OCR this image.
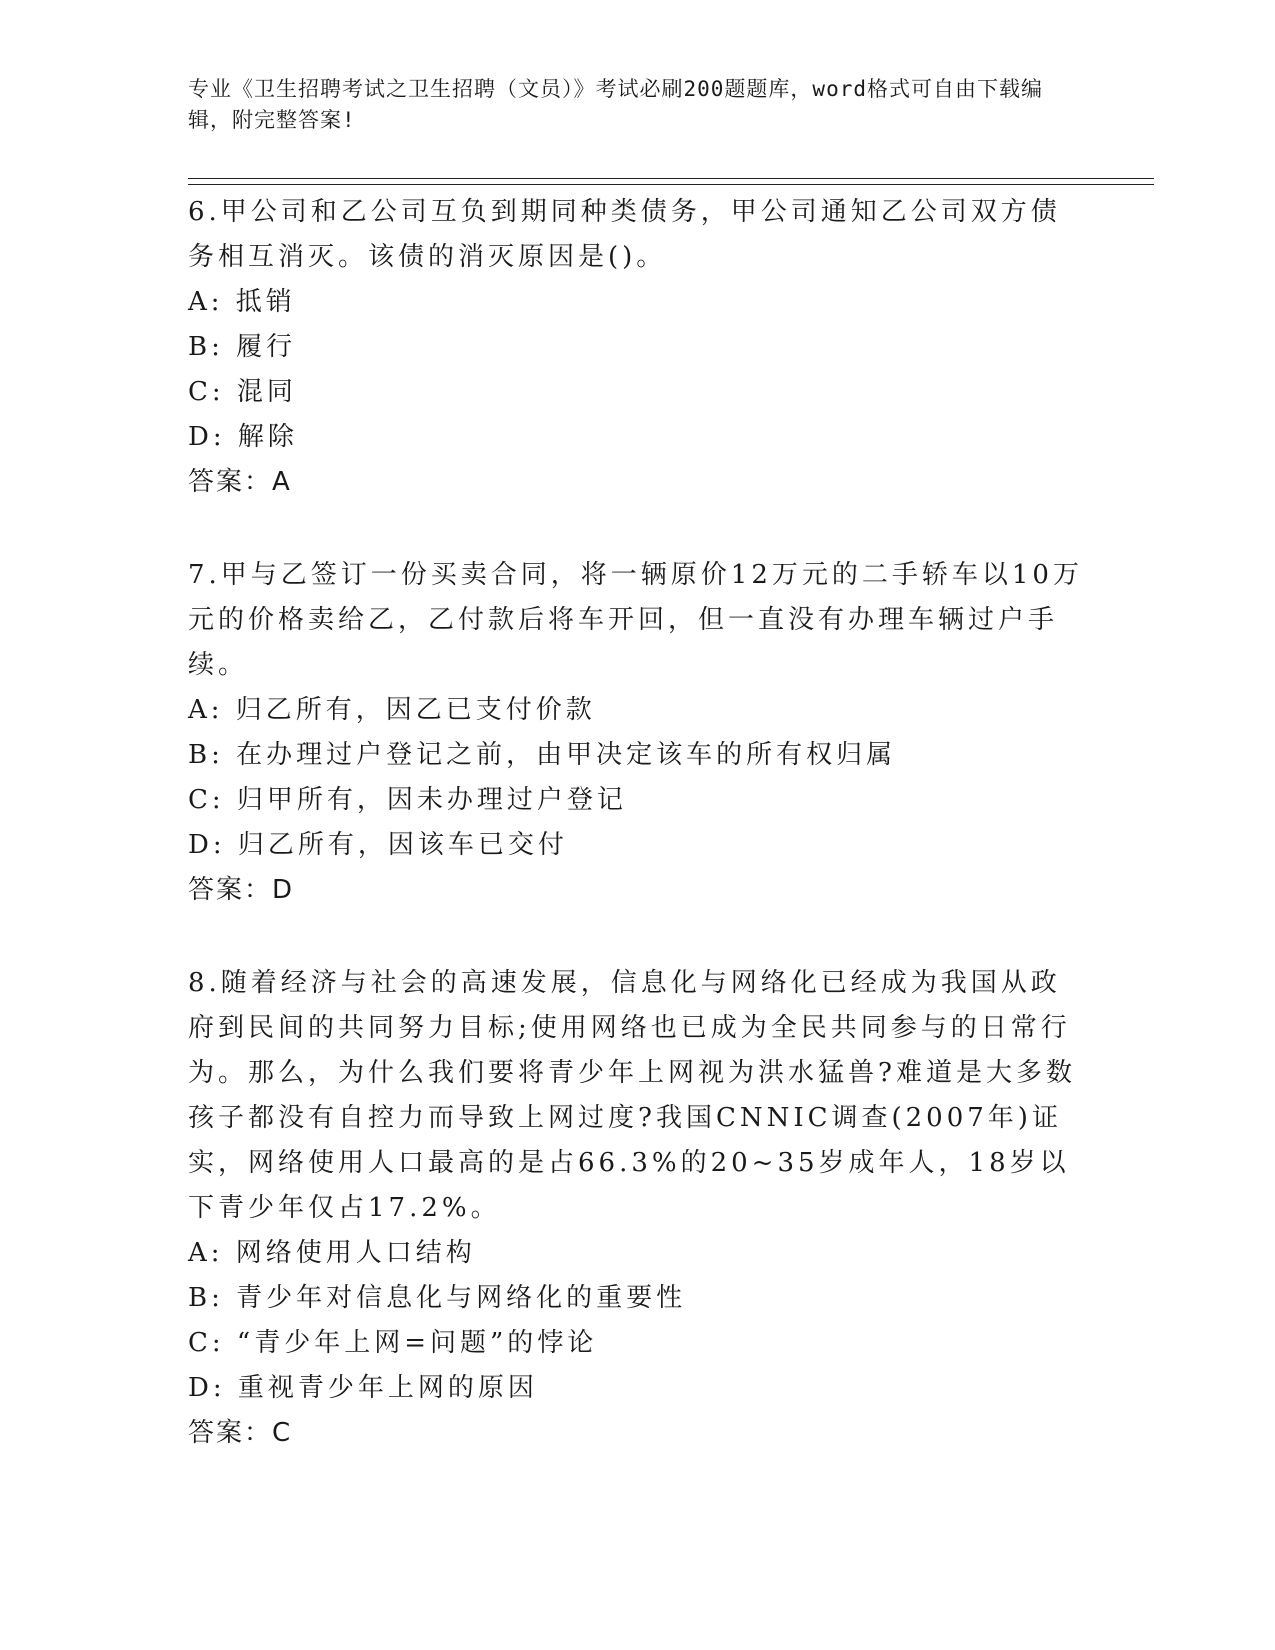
专业《卫生招聘考试之卫生招聘（文员）》考试必刷200题题库，word格式可自由下载编辑，附完整答案!
6.甲公司和乙公司互负到期同种类债务，甲公司通知乙公司双方债务相互消灭。该债的消灭原因是()。
A: 抵销
B: 履行
C: 混同
D: 解除
答案：A
7.甲与乙签订一份买卖合同，将一辆原价12万元的二手轿车以10万元的价格卖给乙，乙付款后将车开回，但一直没有办理车辆过户手续。
A: 归乙所有，因乙已支付价款
B: 在办理过户登记之前，由甲决定该车的所有权归属
C: 归甲所有，因未办理过户登记
D: 归乙所有，因该车已交付
答案：D
8.随着经济与社会的高速发展，信息化与网络化已经成为我国从政府到民间的共同努力目标;使用网络也已成为全民共同参与的日常行为。那么，为什么我们要将青少年上网视为洪水猛兽?难道是大多数孩子都没有自控力而导致上网过度?我国CNNIC调查(2007年)证实，网络使用人口最高的是占66.3%的20~35岁成年人，18岁以下青少年仅占17.2%。
A: 网络使用人口结构
B: 青少年对信息化与网络化的重要性
C: “青少年上网=问题”的悖论
D: 重视青少年上网的原因
答案：C
